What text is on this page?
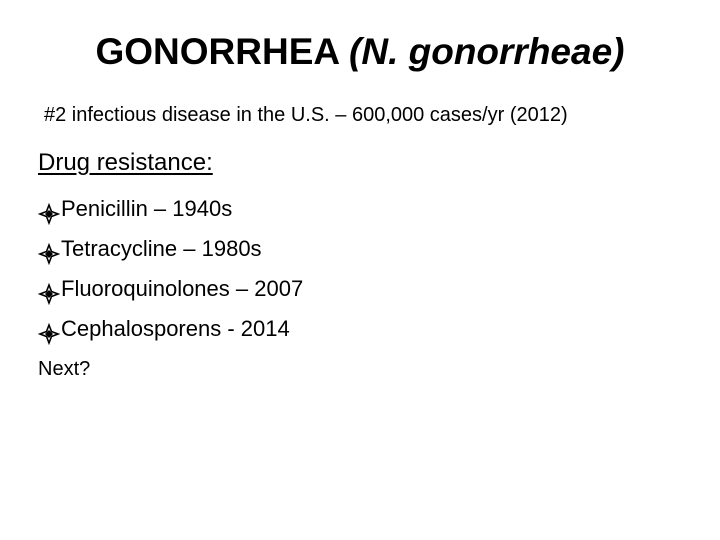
GONORRHEA (N. gonorrheae)
#2 infectious disease in the U.S. – 600,000 cases/yr (2012)
Drug resistance:
Penicillin – 1940s
Tetracycline – 1980s
Fluoroquinolones – 2007
Cephalosporens - 2014
Next?
